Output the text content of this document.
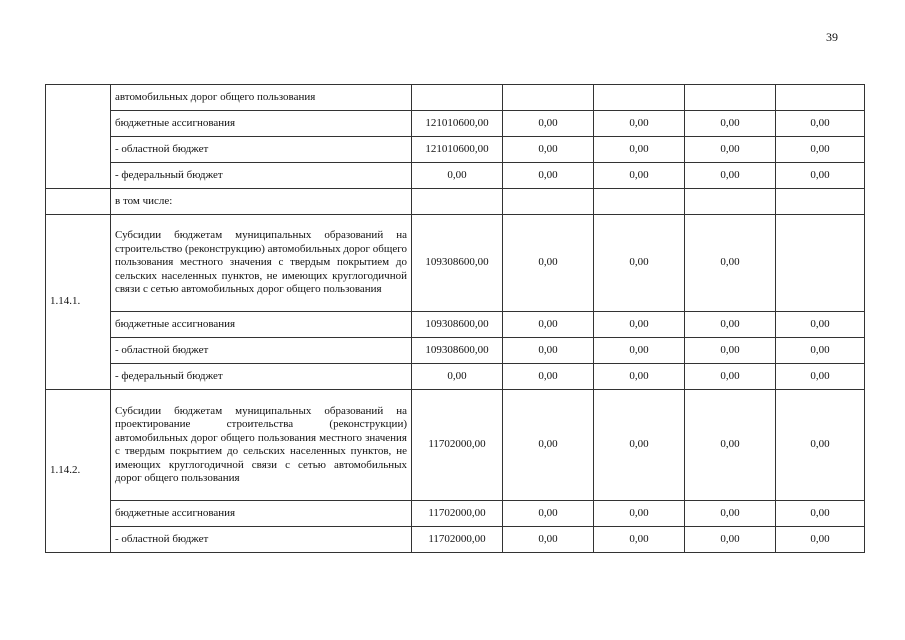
39
	автомобильных дорог общего пользования					
	бюджетные ассигнования	121010600,00	0,00	0,00	0,00	0,00
	- областной бюджет	121010600,00	0,00	0,00	0,00	0,00
	- федеральный бюджет	0,00	0,00	0,00	0,00	0,00
	в том числе:					
1.14.1.	Субсидии бюджетам муниципальных образований на строительство (реконструкцию) автомобильных дорог общего пользования местного значения с твердым покрытием до сельских населенных пунктов, не имеющих круглогодичной связи с сетью автомобильных дорог общего пользования	109308600,00	0,00	0,00	0,00	
	бюджетные ассигнования	109308600,00	0,00	0,00	0,00	0,00
	- областной бюджет	109308600,00	0,00	0,00	0,00	0,00
	- федеральный бюджет	0,00	0,00	0,00	0,00	0,00
1.14.2.	Субсидии бюджетам муниципальных образований на проектирование строительства (реконструкции) автомобильных дорог общего пользования местного значения с твердым покрытием до сельских населенных пунктов, не имеющих круглогодичной связи с сетью автомобильных дорог общего пользования	11702000,00	0,00	0,00	0,00	0,00
	бюджетные ассигнования	11702000,00	0,00	0,00	0,00	0,00
	- областной бюджет	11702000,00	0,00	0,00	0,00	0,00
